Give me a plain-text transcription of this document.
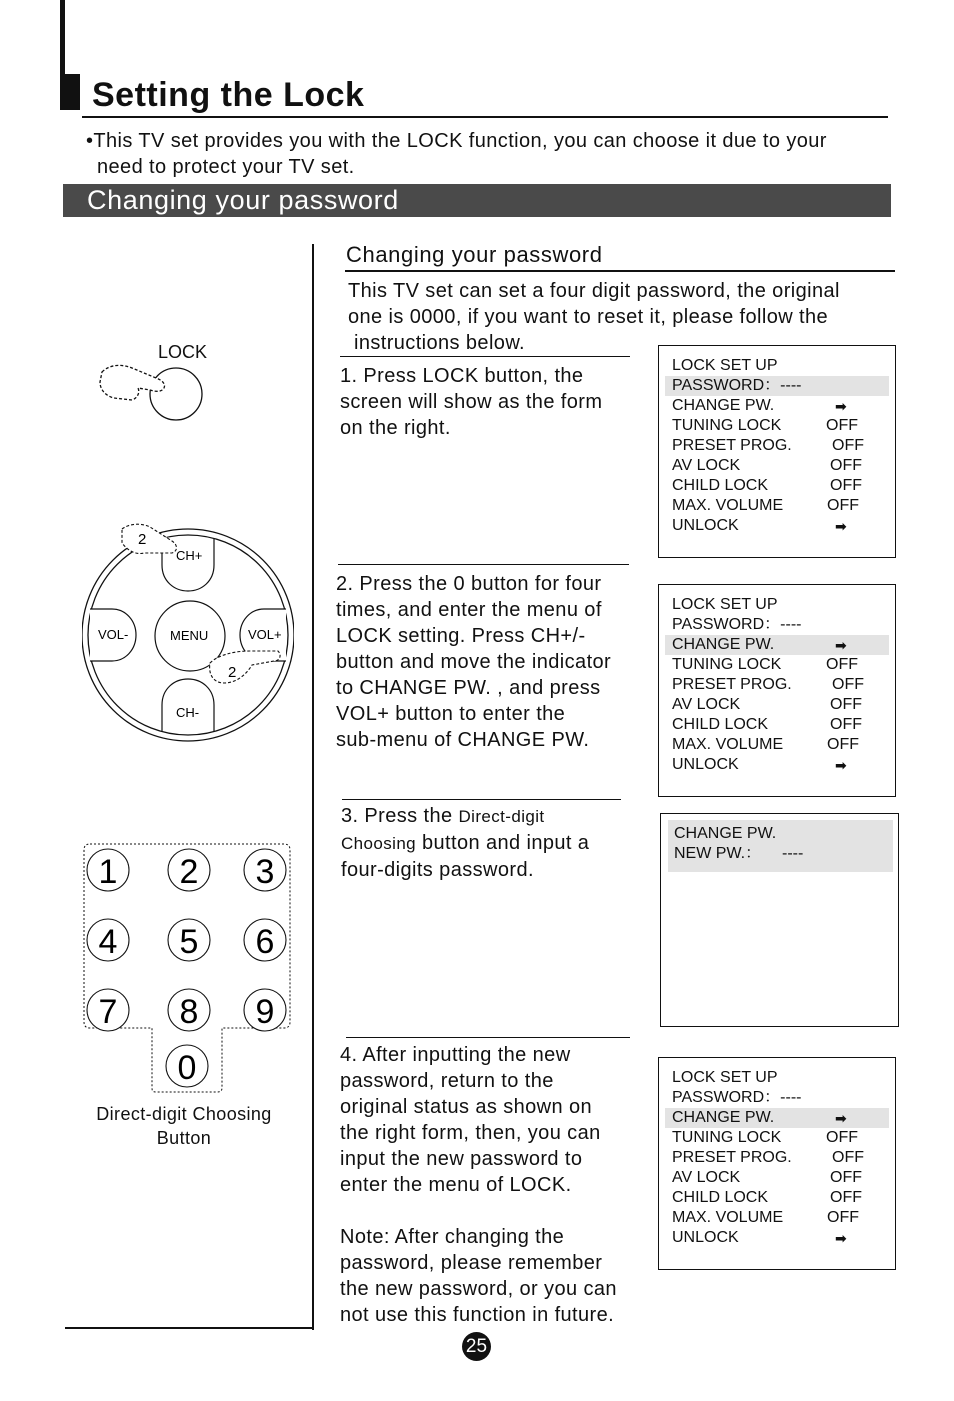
Setting the Lock
•This TV set provides you with the LOCK function, you can choose it due to your
need to protect your TV set.
Changing your password
LOCK
2
CH+
CH-
VOL-	VOL+
MENU
2
1 2 3
4 5 6
7 8 9
0
Direct-digit Choosing
Button
Changing your password
This TV set can set a four digit password, the original
one is 0000, if you want to reset it, please follow the
instructions below.
1. Press LOCK button, the
screen will show as the form
on the right.
2. Press the 0 button for four
times, and enter the menu of
LOCK setting. Press CH+/-
button and move the indicator
to CHANGE PW. , and press
VOL+ button to enter the
sub-menu of CHANGE PW.
3. Press the Direct-digit
Choosing button and input a
four-digits password.
4. After inputting the new
password, return to the
original status as shown on
the right form, then, you can
input the new password to
enter the menu of LOCK.
Note: After changing the
password, please remember
the new password, or you can
not use this function in future.
LOCK SET UP
PASSWORD：----
CHANGE PW.	➡
TUNING LOCK	OFF
PRESET PROG.	OFF
AV LOCK	OFF
CHILD LOCK	OFF
MAX. VOLUME	OFF
UNLOCK	➡
LOCK SET UP
PASSWORD：----
CHANGE PW.	➡
TUNING LOCK	OFF
PRESET PROG.	OFF
AV LOCK	OFF
CHILD LOCK	OFF
MAX. VOLUME	OFF
UNLOCK	➡
CHANGE PW.
NEW PW.： ----
LOCK SET UP
PASSWORD：----
CHANGE PW.	➡
TUNING LOCK	OFF
PRESET PROG.	OFF
AV LOCK	OFF
CHILD LOCK	OFF
MAX. VOLUME	OFF
UNLOCK	➡
25
